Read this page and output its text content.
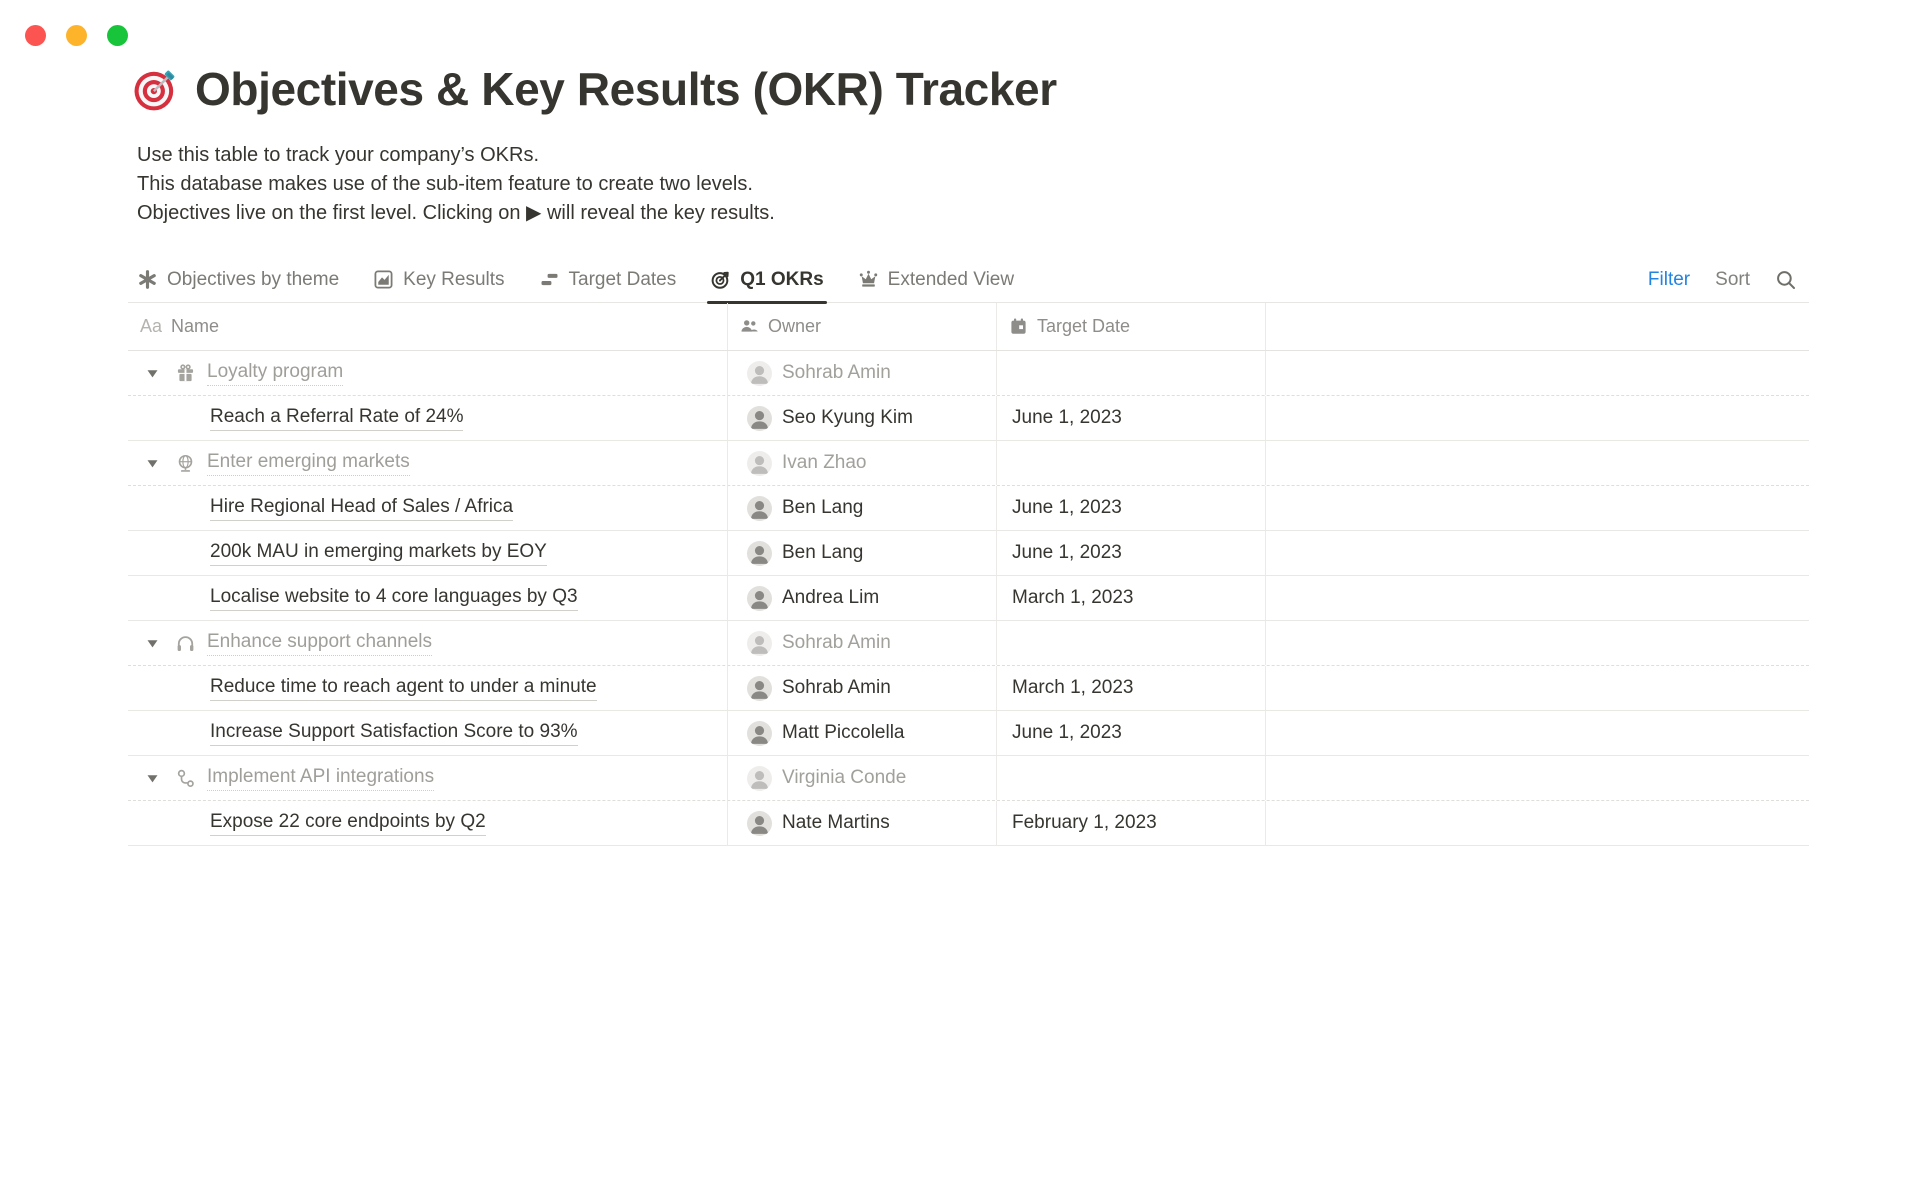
Objectives & Key Results (OKR) Tracker

Use this table to track your company’s OKRs.

This database makes use of the sub-item feature to create two levels.

Objectives live on the first level. Clicking on ▶ will reveal the key results.

Objectives by theme	Key Results	Target Dates	Q1 OKRs	Extended View	Filter Sort
Aa Name	Owner	Target Date
Loyalty program	Sohrab Amin
Reach a Referral Rate of 24%	Seo Kyung Kim	June 1, 2023
Enter emerging markets	Ivan Zhao
Hire Regional Head of Sales / Africa	Ben Lang	June 1, 2023
200k MAU in emerging markets by EOY	Ben Lang	June 1, 2023
Localise website to 4 core languages by Q3	Andrea Lim	March 1, 2023
Enhance support channels	Sohrab Amin
Reduce time to reach agent to under a minute	Sohrab Amin	March 1, 2023
Increase Support Satisfaction Score to 93%	Matt Piccolella	June 1, 2023
Implement API integrations	Virginia Conde
Expose 22 core endpoints by Q2	Nate Martins	February 1, 2023
